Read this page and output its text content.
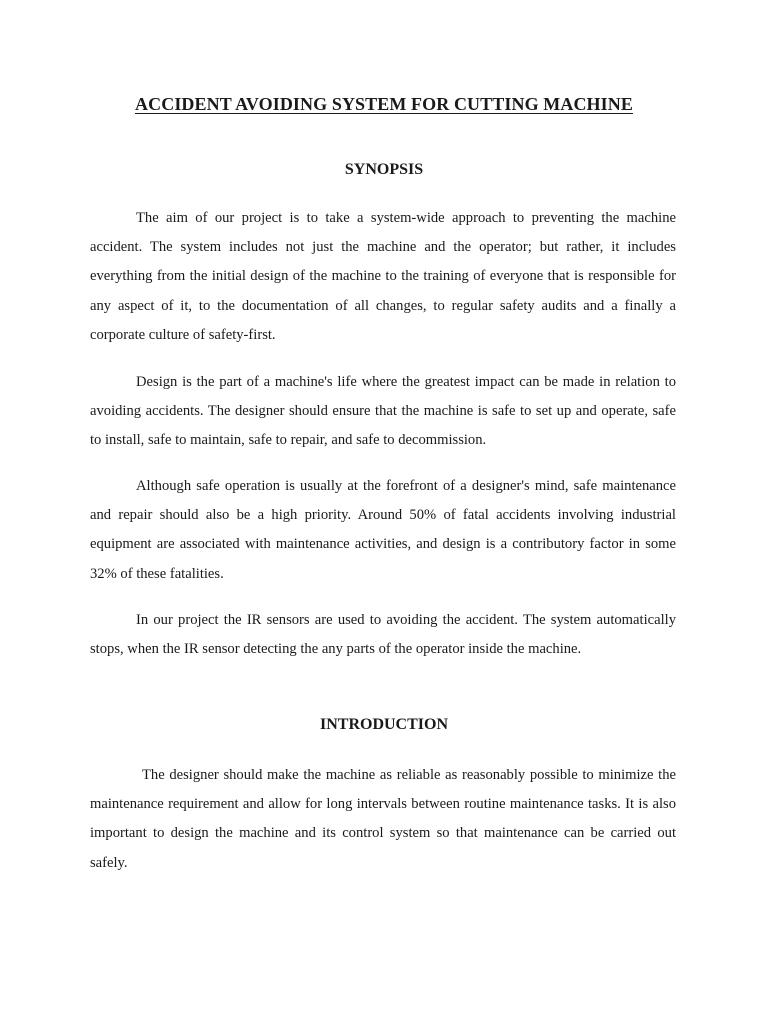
ACCIDENT AVOIDING SYSTEM FOR CUTTING MACHINE
SYNOPSIS

The aim of our project is to take a system-wide approach to preventing the machine accident. The system includes not just the machine and the operator; but rather, it includes everything from the initial design of the machine to the training of everyone that is responsible for any aspect of it, to the documentation of all changes, to regular safety audits and a finally a corporate culture of safety-first.

Design is the part of a machine's life where the greatest impact can be made in relation to avoiding accidents. The designer should ensure that the machine is safe to set up and operate, safe to install, safe to maintain, safe to repair, and safe to decommission.

Although safe operation is usually at the forefront of a designer's mind, safe maintenance and repair should also be a high priority. Around 50% of fatal accidents involving industrial equipment are associated with maintenance activities, and design is a contributory factor in some 32% of these fatalities.

In our project the IR sensors are used to avoiding the accident. The system automatically stops, when the IR sensor detecting the any parts of the operator inside the machine.

INTRODUCTION

The designer should make the machine as reliable as reasonably possible to minimize the maintenance requirement and allow for long intervals between routine maintenance tasks. It is also important to design the machine and its control system so that maintenance can be carried out safely.
